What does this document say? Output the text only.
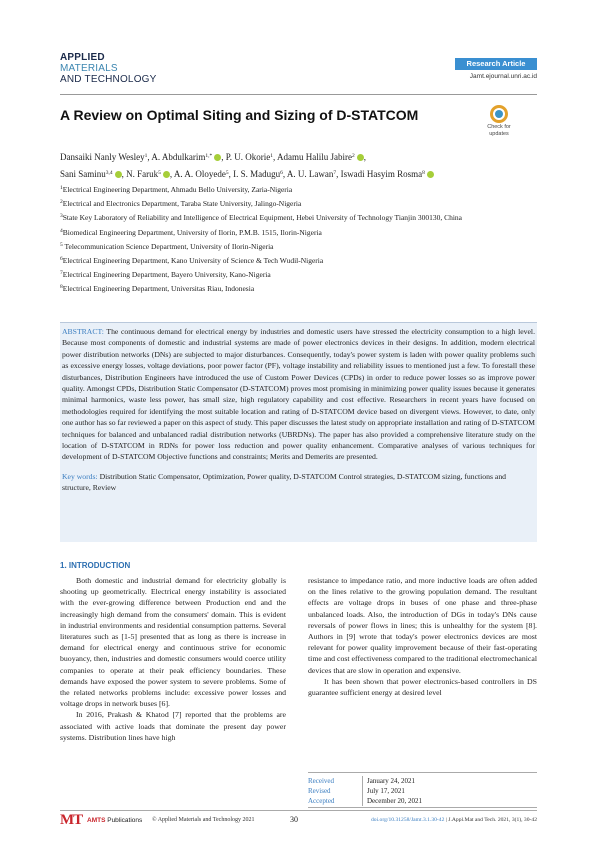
APPLIED
MATERIALS
AND TECHNOLOGY
Research Article
Jamt.ejournal.unri.ac.id
A Review on Optimal Siting and Sizing of D-STATCOM
Check for
updates
Dansaiki Nanly Wesley$^1$, A. Abdulkarim$^{1,*}$ , P. U. Okorie$^1$, Adamu Halilu Jabire$^2$ ,
Sani Saminu$^{3,4}$ , N. Faruk$^5$ , A. A. Oloyede$^5$, I. S. Madugu$^6$, A. U. Lawan$^7$, Iswadi Hasyim Rosma$^8$
$^1$Electrical Engineering Department, Ahmadu Bello University, Zaria-Nigeria
$^2$Electrical and Electronics Department, Taraba State University, Jalingo-Nigeria
$^3$State Key Laboratory of Reliability and Intelligence of Electrical Equipment, Hebei University of Technology Tianjin 300130, China
$^4$Biomedical Engineering Department, University of Ilorin, P.M.B. 1515, Ilorin-Nigeria
$^5$ Telecommunication Science Department, University of Ilorin-Nigeria
$^6$Electrical Engineering Department, Kano University of Science & Tech Wudil-Nigeria
$^7$Electrical Engineering Department, Bayero University, Kano-Nigeria
$^8$Electrical Engineering Department, Universitas Riau, Indonesia

ABSTRACT: The continuous demand for electrical energy by industries and domestic users have stressed the electricity consumption to a high level. Because most components of domestic and industrial systems are made of power electronics devices in their designs. In addition, modern electrical power distribution networks (DNs) are subjected to major disturbances. Consequently, today's power system is laden with power quality problems such as excessive energy losses, voltage deviations, poor power factor (PF), voltage instability and reliability issues to mentioned just a few. To forestall these disturbances, Distribution Engineers have introduced the use of Custom Power Devices (CPDs) in order to reduce power losses so as improve power quality. Amongst CPDs, Distribution Static Compensator (D-STATCOM) proves most promising in minimizing power quality issues because it generates minimal harmonics, waste less power, has small size, high regulatory capability and cost effective. Researchers in recent years have focused on methodologies required for identifying the most suitable location and rating of D-STATCOM device based on divergent views. However, to date, only one author has so far reviewed a paper on this aspect of study. This paper discusses the latest study on appropriate installation and rating of D-STATCOM techniques for balanced and unbalanced radial distribution networks (UBRDNs). The paper has also provided a comprehensive literature study on the location of D-STATCOM in RDNs for power loss reduction and power quality enhancement. Comparative analyses of various techniques for development of D-STATCOM Objective functions and constraints; Merits and Demerits are presented.

Key words: Distribution Static Compensator, Optimization, Power quality, D-STATCOM Control strategies, D-STATCOM sizing, functions and structure, Review

1. INTRODUCTION

Both domestic and industrial demand for electricity globally is shooting up geometrically. Electrical energy instability is associated with the ever-growing difference between Production end and the increasingly high demand from the consumers' domain. This is evident in industrial environments and residential consumption patterns. Several literatures such as [1-5] presented that as long as there is increase in demand for electrical energy and continuous strive for economic buoyancy, then, industries and domestic consumers would coerce utility companies to operate at their peak efficiency boundaries. These demands have exposed the power system to severe problems. Some of the related networks problems include: excessive power losses and voltage drops in network buses [6].

In 2016, Prakash & Khatod [7] reported that the problems are associated with active loads that dominate the present day power systems. Distribution lines have high

resistance to impedance ratio, and more inductive loads are often added on the lines relative to the growing population demand. The resultant effects are voltage drops in buses of one phase and three-phase unbalanced loads. Also, the introduction of DGs in today's DNs cause reversals of power flows in lines; this is unhealthy for the system [8]. Authors in [9] wrote that today's power electronics devices are most relevant for power quality improvement because of their fast-operating time and cost effectiveness compared to the traditional electromechanical devices that are slow in operation and expensive.

It has been shown that power electronics-based controllers in DS guarantee sufficient energy at desired level

Received	January 24, 2021
Revised	July 17, 2021
Accepted	December 20, 2021
MT AMTS Publications © Applied Materials and Technology 2021	30	doi.org/10.31258/Jamt.3.1.30-42 | J.Appl.Mat and Tech. 2021, 3(1), 30-42
